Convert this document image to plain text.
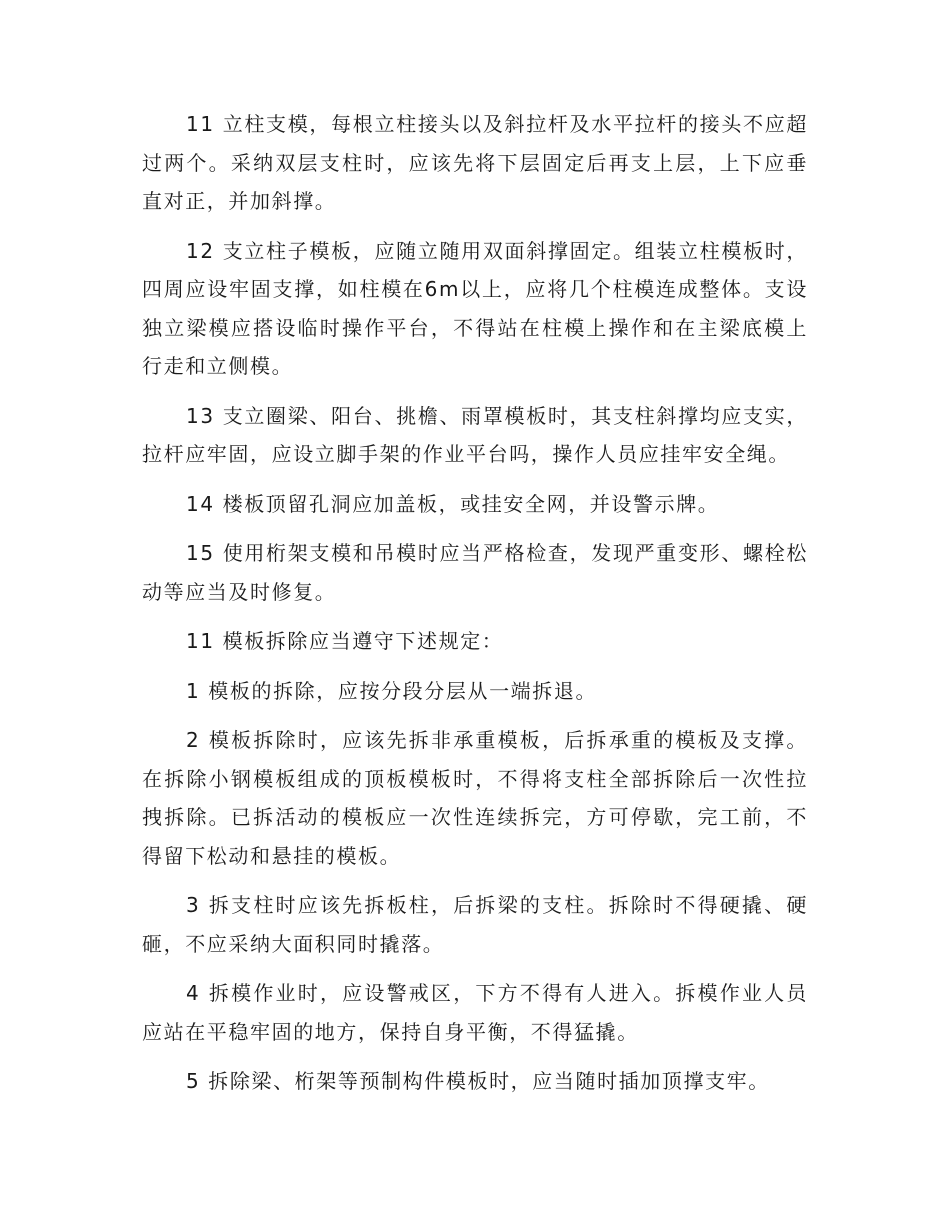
11 立柱支模，每根立柱接头以及斜拉杆及水平拉杆的接头不应超过两个。采纳双层支柱时，应该先将下层固定后再支上层，上下应垂直对正，并加斜撑。

12 支立柱子模板，应随立随用双面斜撑固定。组装立柱模板时，四周应设牢固支撑，如柱模在6m以上，应将几个柱模连成整体。支设独立梁模应搭设临时操作平台，不得站在柱模上操作和在主梁底模上行走和立侧模。

13 支立圈梁、阳台、挑檐、雨罩模板时，其支柱斜撑均应支实，拉杆应牢固，应设立脚手架的作业平台吗，操作人员应挂牢安全绳。

14 楼板顶留孔洞应加盖板，或挂安全网，并设警示牌。

15 使用桁架支模和吊模时应当严格检查，发现严重变形、螺栓松动等应当及时修复。

11 模板拆除应当遵守下述规定：

1 模板的拆除，应按分段分层从一端拆退。

2 模板拆除时，应该先拆非承重模板，后拆承重的模板及支撑。在拆除小钢模板组成的顶板模板时，不得将支柱全部拆除后一次性拉拽拆除。已拆活动的模板应一次性连续拆完，方可停歇，完工前，不得留下松动和悬挂的模板。

3 拆支柱时应该先拆板柱，后拆梁的支柱。拆除时不得硬撬、硬砸，不应采纳大面积同时撬落。

4 拆模作业时，应设警戒区，下方不得有人进入。拆模作业人员应站在平稳牢固的地方，保持自身平衡，不得猛撬。

5 拆除梁、桁架等预制构件模板时，应当随时插加顶撑支牢。
